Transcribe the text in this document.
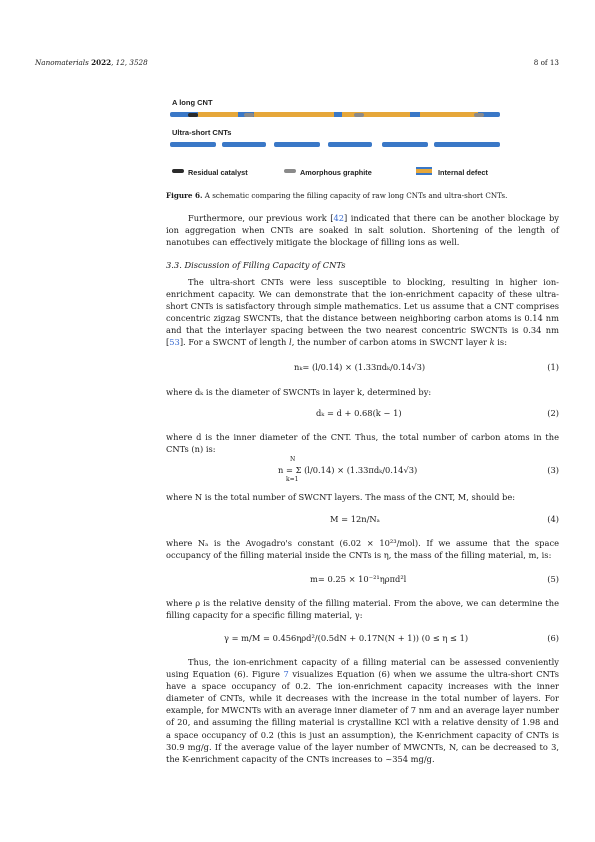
Nanomaterials 2022, 12, 3528	8 of 13
A long CNT
Ultra-short CNTs
Residual catalyst	Amorphous graphite	Internal defect
Figure 6. A schematic comparing the filling capacity of raw long CNTs and ultra-short CNTs.

Furthermore, our previous work [42] indicated that there can be another blockage by ion aggregation when CNTs are soaked in salt solution. Shortening of the length of nanotubes can effectively mitigate the blockage of filling ions as well.

3.3. Discussion of Filling Capacity of CNTs

The ultra-short CNTs were less susceptible to blocking, resulting in higher ion-enrichment capacity. We can demonstrate that the ion-enrichment capacity of these ultra-short CNTs is satisfactory through simple mathematics. Let us assume that a CNT comprises concentric zigzag SWCNTs, that the distance between neighboring carbon atoms is 0.14 nm and that the interlayer spacing between the two nearest concentric SWCNTs is 0.34 nm [53]. For a SWCNT of length l, the number of carbon atoms in SWCNT layer k is:

nₖ= (l/0.14) × (1.33πdₖ/0.14√3)	(1)
where dₖ is the diameter of SWCNTs in layer k, determined by:
dₖ = d + 0.68(k − 1)	(2)
where d is the inner diameter of the CNT. Thus, the total number of carbon atoms in the CNTs (n) is:
N
k=1
n = Σ (l/0.14) × (1.33πdₖ/0.14√3)	(3)
where N is the total number of SWCNT layers. The mass of the CNT, M, should be:
M = 12n/Nₐ	(4)
where Nₐ is the Avogadro's constant (6.02 × 10²³/mol). If we assume that the space occupancy of the filling material inside the CNTs is η, the mass of the filling material, m, is:
m= 0.25 × 10⁻²¹ηρπd²l	(5)
where ρ is the relative density of the filling material. From the above, we can determine the filling capacity for a specific filling material, γ:
γ = m/M = 0.456ηρd²/(0.5dN + 0.17N(N + 1)) (0 ≤ η ≤ 1)	(6)

Thus, the ion-enrichment capacity of a filling material can be assessed conveniently using Equation (6). Figure 7 visualizes Equation (6) when we assume the ultra-short CNTs have a space occupancy of 0.2. The ion-enrichment capacity increases with the inner diameter of CNTs, while it decreases with the increase in the total number of layers. For example, for MWCNTs with an average inner diameter of 7 nm and an average layer number of 20, and assuming the filling material is crystalline KCl with a relative density of 1.98 and a space occupancy of 0.2 (this is just an assumption), the K-enrichment capacity of CNTs is 30.9 mg/g. If the average value of the layer number of MWCNTs, N, can be decreased to 3, the K-enrichment capacity of the CNTs increases to ~354 mg/g.
